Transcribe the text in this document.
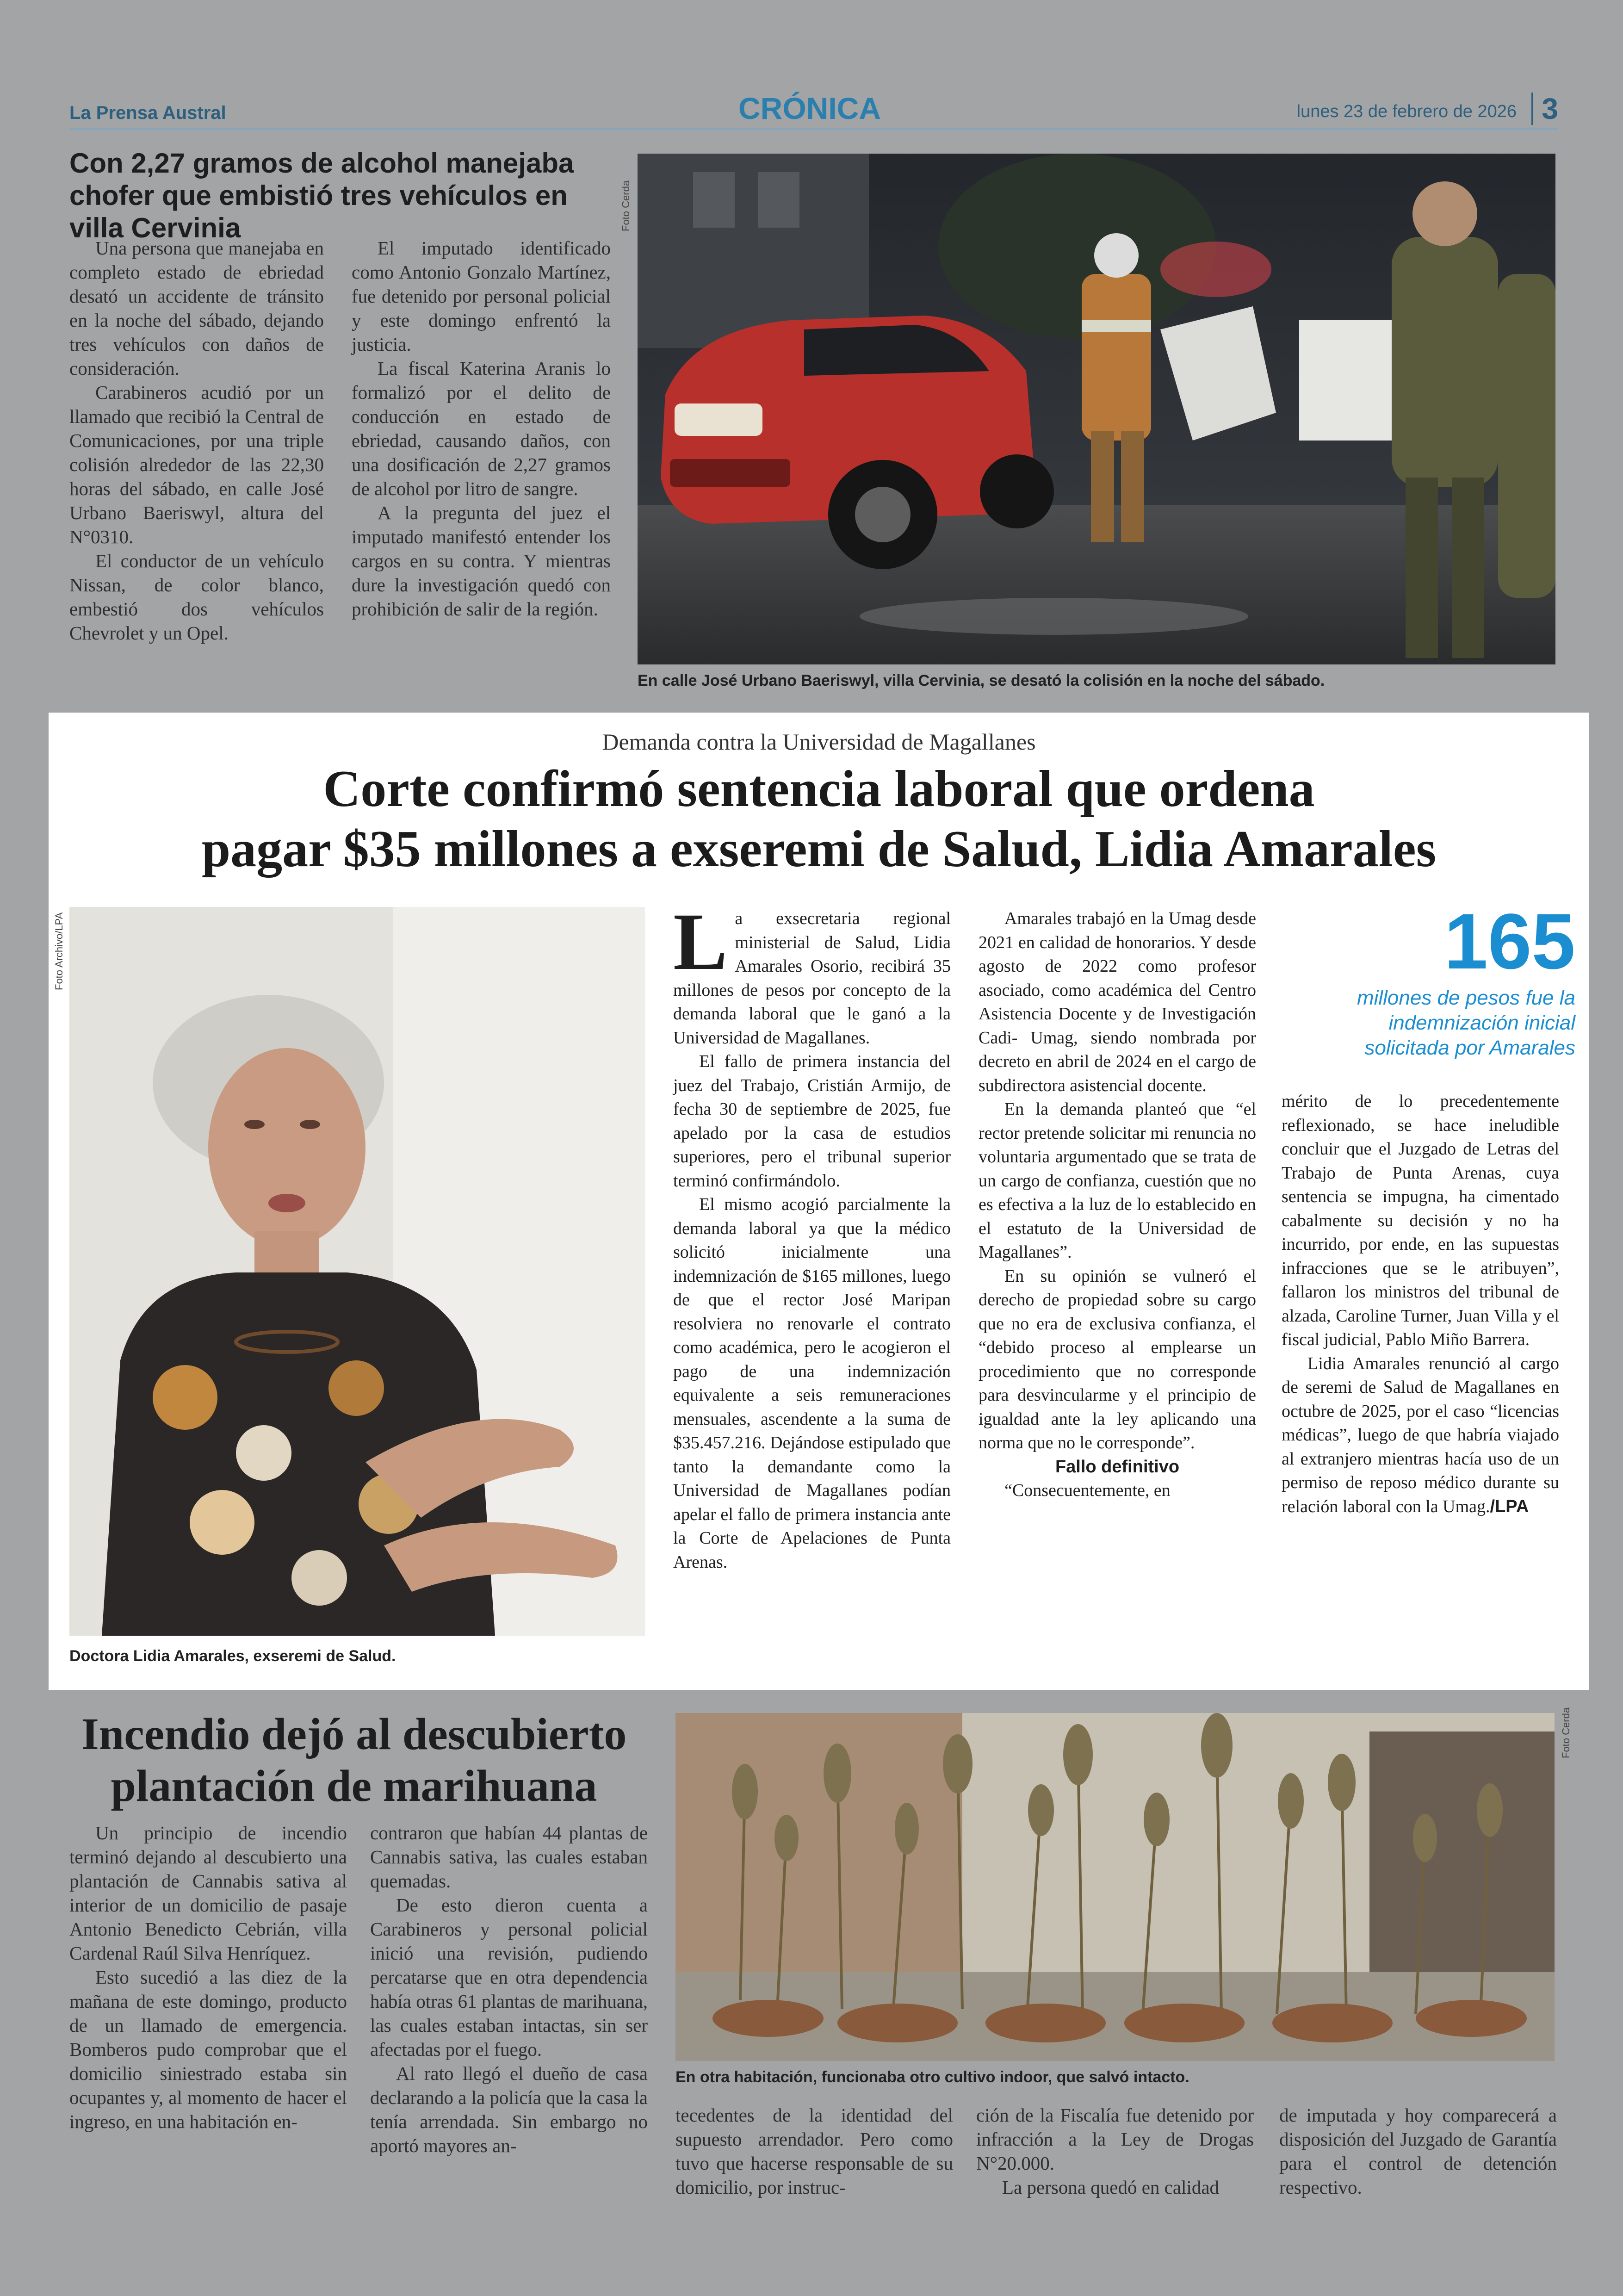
La Prensa Austral	CRÓNICA	lunes 23 de febrero de 2026 3
Con 2,27 gramos de alcohol manejaba chofer que embistió tres vehículos en villa Cervinia

Una persona que manejaba en completo estado de ebriedad desató un accidente de tránsito en la noche del sábado, dejando tres vehículos con daños de consideración.

Carabineros acudió por un llamado que recibió la Central de Comunicaciones, por una triple colisión alrededor de las 22,30 horas del sábado, en calle José Urbano Baeriswyl, altura del N°0310.

El conductor de un vehículo Nissan, de color blanco, embestió dos vehículos Chevrolet y un Opel.

El imputado identificado como Antonio Gonzalo Martínez, fue detenido por personal policial y este domingo enfrentó la justicia.

La fiscal Katerina Aranis lo formalizó por el delito de conducción en estado de ebriedad, causando daños, con una dosificación de 2,27 gramos de alcohol por litro de sangre.

A la pregunta del juez el imputado manifestó entender los cargos en su contra. Y mientras dure la investigación quedó con prohibición de salir de la región.

Foto Cerda
En calle José Urbano Baeriswyl, villa Cervinia, se desató la colisión en la noche del sábado.
Demanda contra la Universidad de Magallanes
Corte confirmó sentencia laboral que ordena
pagar $35 millones a exseremi de Salud, Lidia Amarales
Foto Archivo/LPA
Doctora Lidia Amarales, exseremi de Salud.

La exsecretaria regional ministerial de Salud, Lidia Amarales Osorio, recibirá 35 millones de pesos por concepto de la demanda laboral que le ganó a la Universidad de Magallanes.

El fallo de primera instancia del juez del Trabajo, Cristián Armijo, de fecha 30 de septiembre de 2025, fue apelado por la casa de estudios superiores, pero el tribunal superior terminó confirmándolo.

El mismo acogió parcialmente la demanda laboral ya que la médico solicitó inicialmente una indemnización de $165 millones, luego de que el rector José Maripan resolviera no renovarle el contrato como académica, pero le acogieron el pago de una indemnización equivalente a seis remuneraciones mensuales, ascendente a la suma de $35.457.216. Dejándose estipulado que tanto la demandante como la Universidad de Magallanes podían apelar el fallo de primera instancia ante la Corte de Apelaciones de Punta Arenas.

Amarales trabajó en la Umag desde 2021 en calidad de honorarios. Y desde agosto de 2022 como profesor asociado, como académica del Centro Asistencia Docente y de Investigación Cadi- Umag, siendo nombrada por decreto en abril de 2024 en el cargo de subdirectora asistencial docente.

En la demanda planteó que “el rector pretende solicitar mi renuncia no voluntaria argumentado que se trata de un cargo de confianza, cuestión que no es efectiva a la luz de lo establecido en el estatuto de la Universidad de Magallanes”.

En su opinión se vulneró el derecho de propiedad sobre su cargo que no era de exclusiva confianza, el “debido proceso al emplearse un procedimiento que no corresponde para desvincularme y el principio de igualdad ante la ley aplicando una norma que no le corresponde”.

Fallo definitivo

“Consecuentemente, en

165
millones de pesos fue la indemnización inicial solicitada por Amarales

mérito de lo precedentemente reflexionado, se hace ineludible concluir que el Juzgado de Letras del Trabajo de Punta Arenas, cuya sentencia se impugna, ha cimentado cabalmente su decisión y no ha incurrido, por ende, en las supuestas infracciones que se le atribuyen”, fallaron los ministros del tribunal de alzada, Caroline Turner, Juan Villa y el fiscal judicial, Pablo Miño Barrera.

Lidia Amarales renunció al cargo de seremi de Salud de Magallanes en octubre de 2025, por el caso “licencias médicas”, luego de que habría viajado al extranjero mientras hacía uso de un permiso de reposo médico durante su relación laboral con la Umag./LPA

Incendio dejó al descubierto plantación de marihuana

Un principio de incendio terminó dejando al descubierto una plantación de Cannabis sativa al interior de un domicilio de pasaje Antonio Benedicto Cebrián, villa Cardenal Raúl Silva Henríquez.

Esto sucedió a las diez de la mañana de este domingo, producto de un llamado de emergencia. Bomberos pudo comprobar que el domicilio siniestrado estaba sin ocupantes y, al momento de hacer el ingreso, en una habitación en-

contraron que habían 44 plantas de Cannabis sativa, las cuales estaban quemadas.

De esto dieron cuenta a Carabineros y personal policial inició una revisión, pudiendo percatarse que en otra dependencia había otras 61 plantas de marihuana, las cuales estaban intactas, sin ser afectadas por el fuego.

Al rato llegó el dueño de casa declarando a la policía que la casa la tenía arrendada. Sin embargo no aportó mayores an-

Foto Cerda
En otra habitación, funcionaba otro cultivo indoor, que salvó intacto.

tecedentes de la identidad del supuesto arrendador. Pero como tuvo que hacerse responsable de su domicilio, por instruc-

ción de la Fiscalía fue detenido por infracción a la Ley de Drogas N°20.000.

La persona quedó en calidad

de imputada y hoy comparecerá a disposición del Juzgado de Garantía para el control de detención respectivo.
